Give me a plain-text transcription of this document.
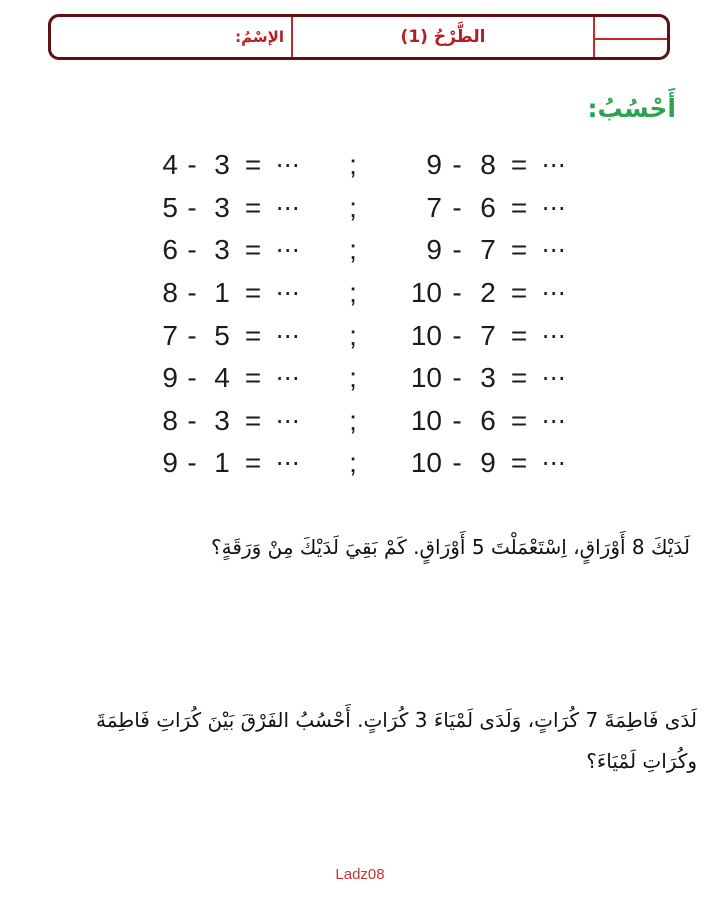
الإسْمُ:	الطَّرْحُ (1)
أَحْسُبُ:
4 - 3 = ⋯	;	9 - 8 = ⋯
5 - 3 = ⋯	;	7 - 6 = ⋯
6 - 3 = ⋯	;	9 - 7 = ⋯
8 - 1 = ⋯	;	10 - 2 = ⋯
7 - 5 = ⋯	;	10 - 7 = ⋯
9 - 4 = ⋯	;	10 - 3 = ⋯
8 - 3 = ⋯	;	10 - 6 = ⋯
9 - 1 = ⋯	;	10 - 9 = ⋯
لَدَيْكَ 8 أَوْرَاقٍ، اِسْتَعْمَلْتَ 5 أَوْرَاقٍ. كَمْ بَقِيَ لَدَيْكَ مِنْ وَرَقَةٍ؟
لَدَى فَاطِمَةَ 7 كُرَاتٍ، وَلَدَى لَمْيَاءَ 3 كُرَاتٍ. أَحْسُبُ الفَرْقَ بَيْنَ كُرَاتِ فَاطِمَةَ
وكُرَاتِ لَمْيَاءَ؟
Ladz08
